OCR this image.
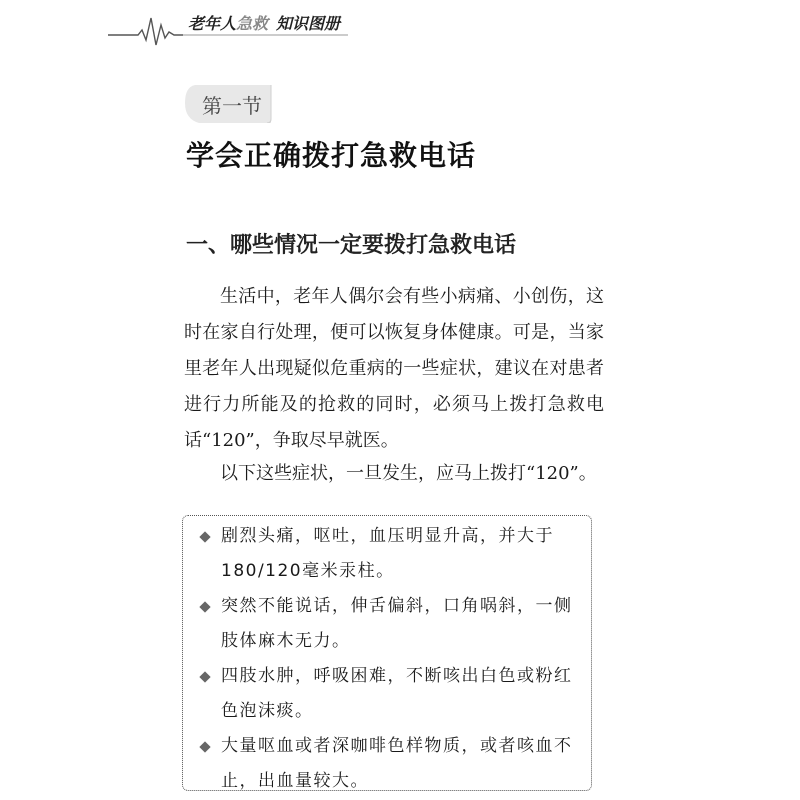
老年人急救 知识图册
第一节
学会正确拨打急救电话
一、哪些情况一定要拨打急救电话

生活中，老年人偶尔会有些小病痛、小创伤，这时在家自行处理，便可以恢复身体健康。可是，当家里老年人出现疑似危重病的一些症状，建议在对患者进行力所能及的抢救的同时，必须马上拨打急救电话“120”，争取尽早就医。

以下这些症状，一旦发生，应马上拨打“120”。

剧烈头痛，呕吐，血压明显升高，并大于180/120毫米汞柱。
突然不能说话，伸舌偏斜，口角㖞斜，一侧肢体麻木无力。
四肢水肿，呼吸困难，不断咳出白色或粉红色泡沫痰。
大量呕血或者深咖啡色样物质，或者咳血不止，出血量较大。
